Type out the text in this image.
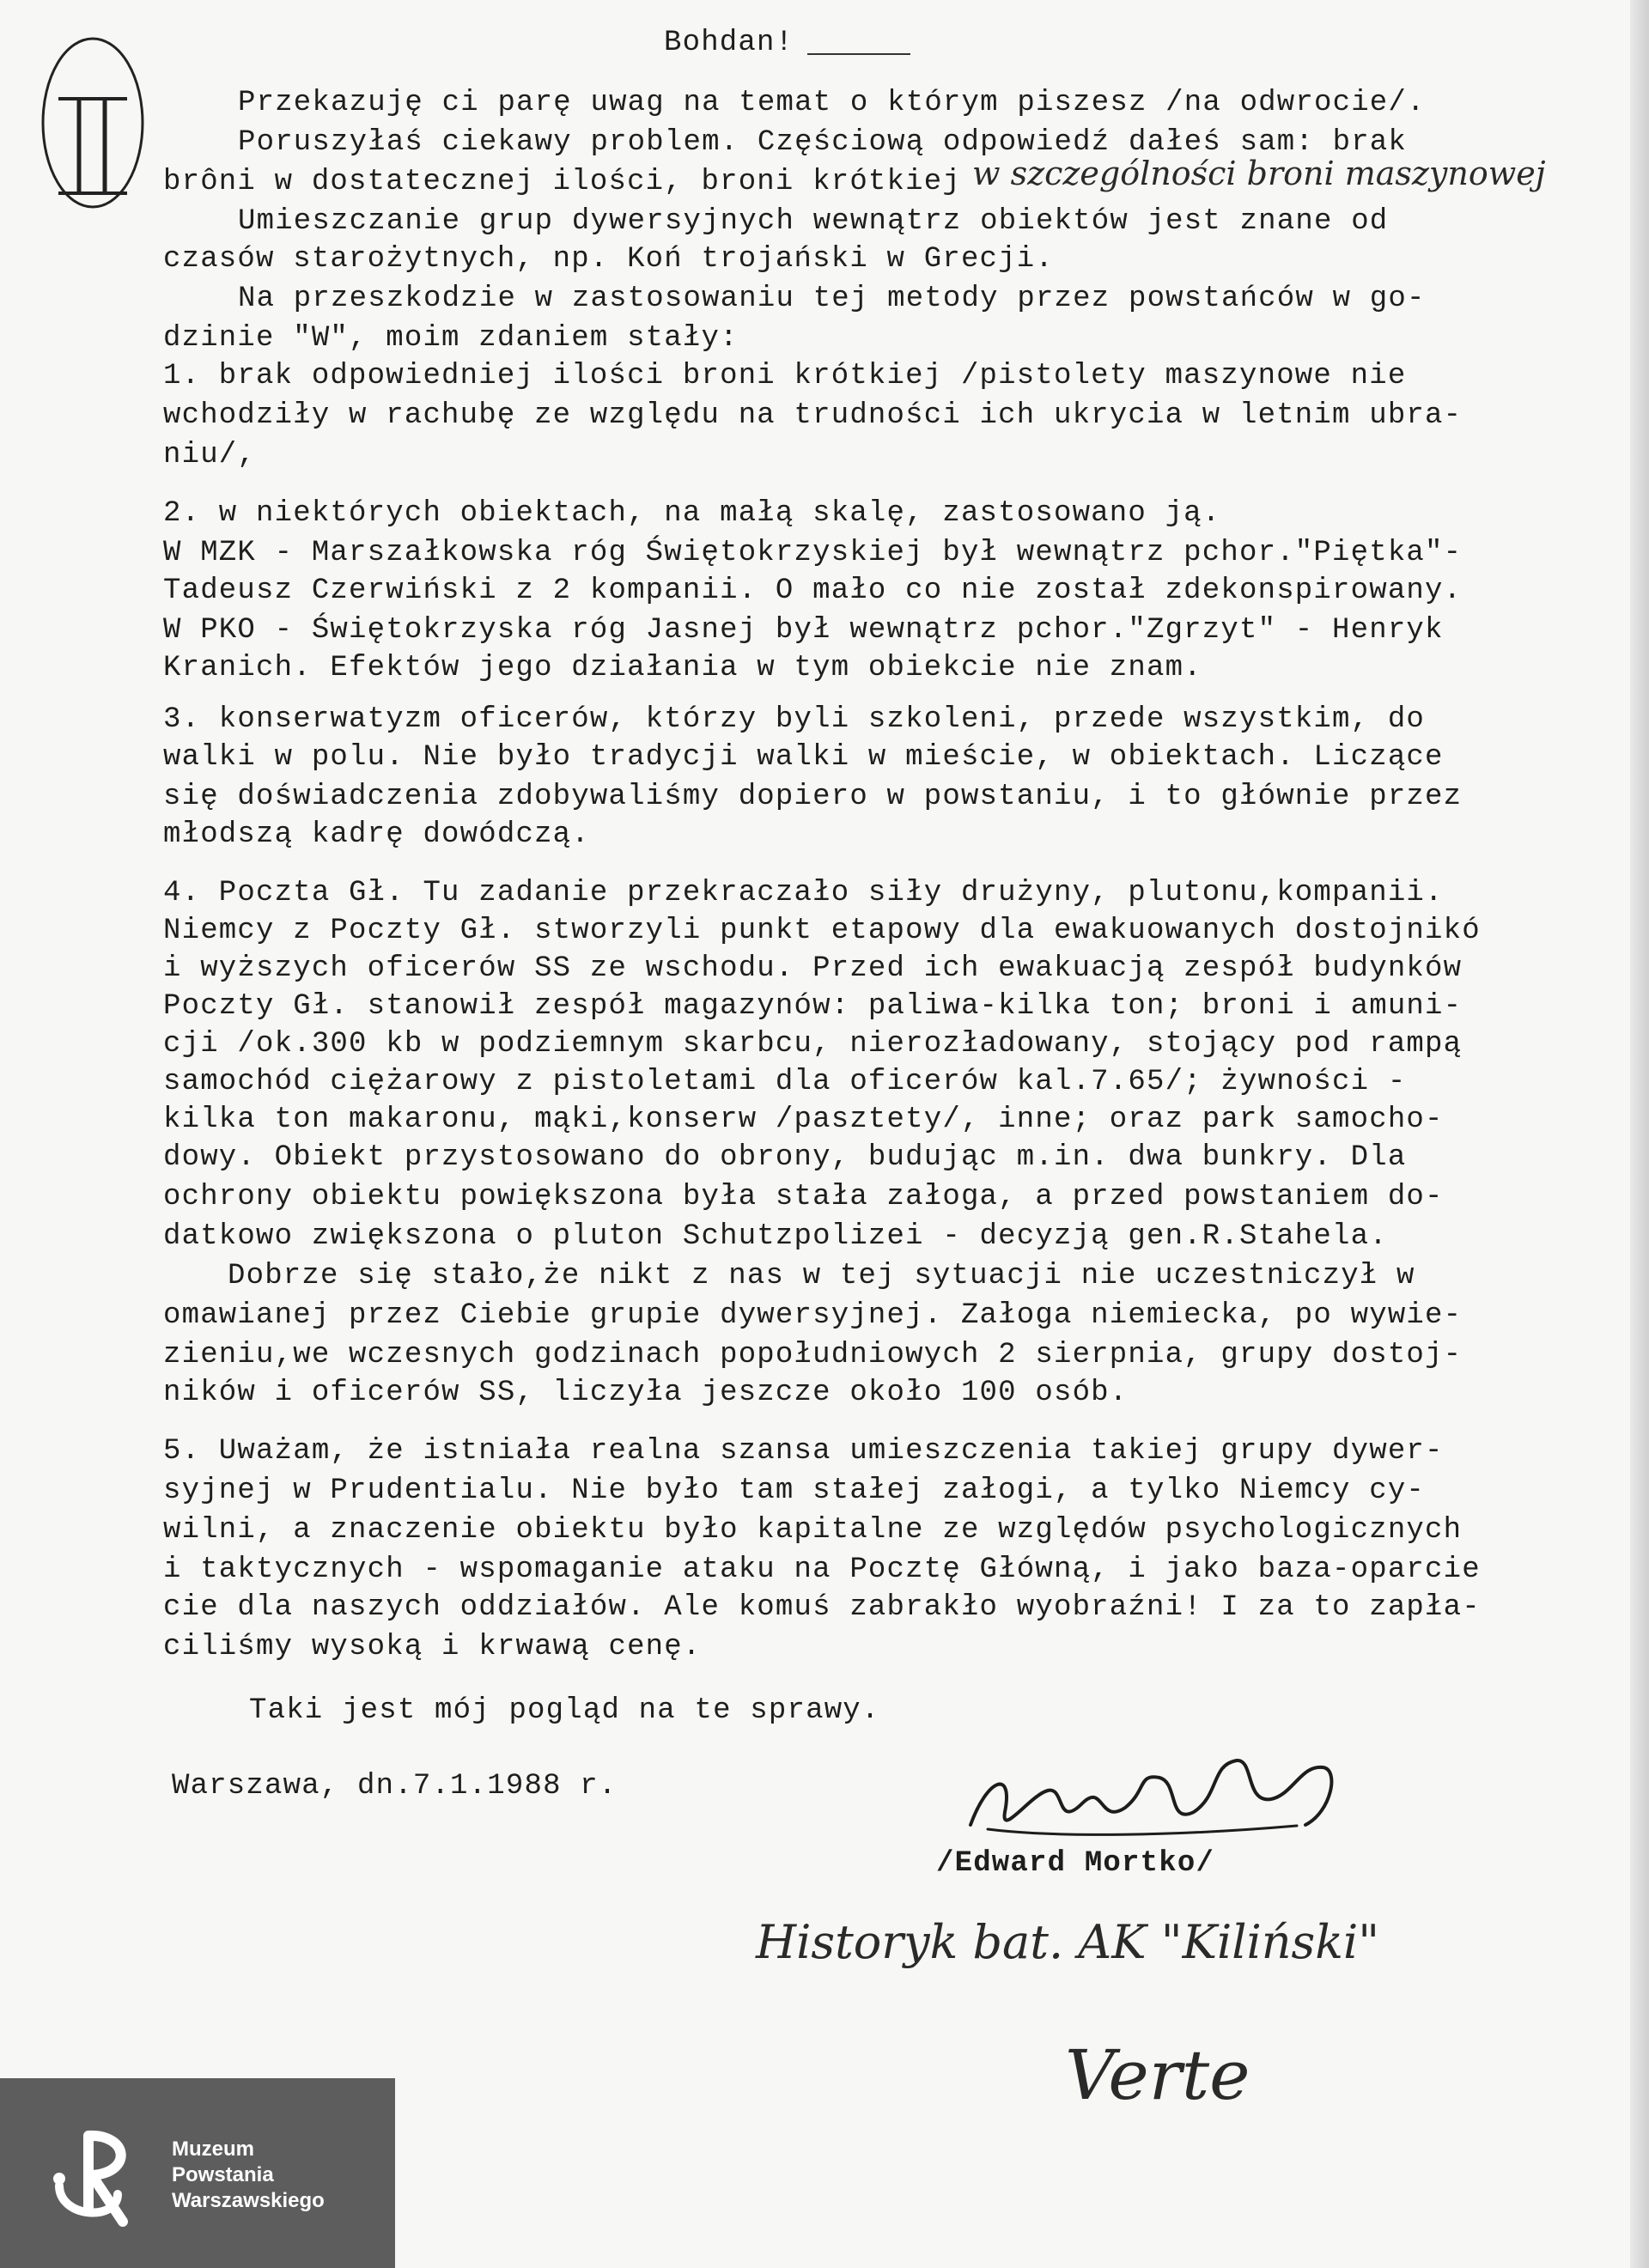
Bohdan!
Przekazuję ci parę uwag na temat o którym piszesz /na odwrocie/.
Poruszyłaś ciekawy problem. Częściową odpowiedź dałeś sam: brak
brôni w dostatecznej ilości, broni krótkiej w szczególności broni maszynowej
Umieszczanie grup dywersyjnych wewnątrz obiektów jest znane od
czasów starożytnych, np. Koń trojański w Grecji.
Na przeszkodzie w zastosowaniu tej metody przez powstańców w go-
dzinie "W", moim zdaniem stały:
1. brak odpowiedniej ilości broni krótkiej /pistolety maszynowe nie
wchodziły w rachubę ze względu na trudności ich ukrycia w letnim ubra-
niu/,
2. w niektórych obiektach, na małą skalę, zastosowano ją.
W MZK - Marszałkowska róg Świętokrzyskiej był wewnątrz pchor."Piętka"-
Tadeusz Czerwiński z 2 kompanii. O mało co nie został zdekonspirowany.
W PKO - Świętokrzyska róg Jasnej był wewnątrz pchor."Zgrzyt" - Henryk
Kranich. Efektów jego działania w tym obiekcie nie znam.
3. konserwatyzm oficerów, którzy byli szkoleni, przede wszystkim, do
walki w polu. Nie było tradycji walki w mieście, w obiektach. Liczące
się doświadczenia zdobywaliśmy dopiero w powstaniu, i to głównie przez
młodszą kadrę dowódczą.
4. Poczta Gł. Tu zadanie przekraczało siły drużyny, plutonu,kompanii.
Niemcy z Poczty Gł. stworzyli punkt etapowy dla ewakuowanych dostojnikó
i wyższych oficerów SS ze wschodu. Przed ich ewakuacją zespół budynków
Poczty Gł. stanowił zespół magazynów: paliwa-kilka ton; broni i amuni-
cji /ok.300 kb w podziemnym skarbcu, nierozładowany, stojący pod rampą
samochód ciężarowy z pistoletami dla oficerów kal.7.65/; żywności -
kilka ton makaronu, mąki,konserw /pasztety/, inne; oraz park samocho-
dowy. Obiekt przystosowano do obrony, budując m.in. dwa bunkry. Dla
ochrony obiektu powiększona była stała załoga, a przed powstaniem do-
datkowo zwiększona o pluton Schutzpolizei - decyzją gen.R.Stahela.
Dobrze się stało,że nikt z nas w tej sytuacji nie uczestniczył w
omawianej przez Ciebie grupie dywersyjnej. Załoga niemiecka, po wywie-
zieniu,we wczesnych godzinach popołudniowych 2 sierpnia, grupy dostoj-
ników i oficerów SS, liczyła jeszcze około 100 osób.
5. Uważam, że istniała realna szansa umieszczenia takiej grupy dywer-
syjnej w Prudentialu. Nie było tam stałej załogi, a tylko Niemcy cy-
wilni, a znaczenie obiektu było kapitalne ze względów psychologicznych
i taktycznych - wspomaganie ataku na Pocztę Główną, i jako baza-oparcie
cie dla naszych oddziałów. Ale komuś zabrakło wyobraźni! I za to zapła-
ciliśmy wysoką i krwawą cenę.
Taki jest mój pogląd na te sprawy.
Warszawa, dn.7.1.1988 r.
/Edward Mortko/
Historyk bat. AK "Kiliński"
Verte
Muzeum
Powstania
Warszawskiego
